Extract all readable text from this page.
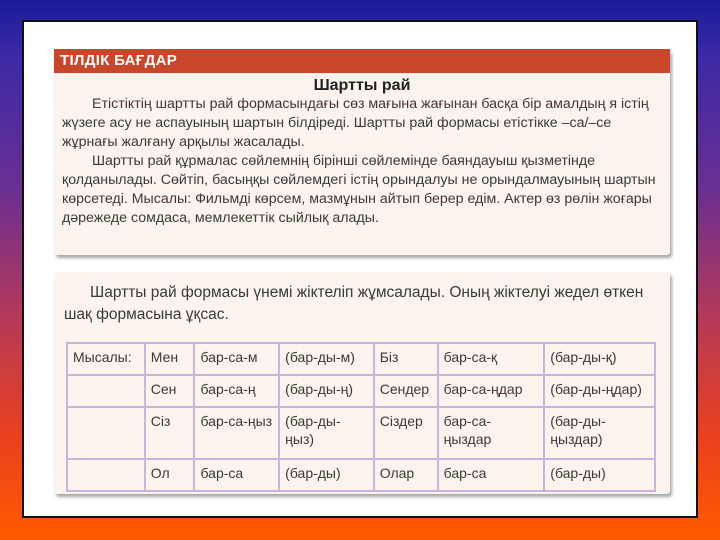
ТІЛДІК БАҒДАР
Шартты рай

Етістіктің шартты рай формасындағы сөз мағына жағынан басқа бір амалдың я істің жүзеге асу не аспауының шартын білдіреді. Шартты рай формасы етістікке –са/–се жұрнағы жалғану арқылы жасалады.

Шартты рай құрмалас сөйлемнің бірінші сөйлемінде баяндауыш қызметінде қолданылады. Сөйтіп, басыңқы сөйлемдегі істің орындалуы не орындалмауының шартын көрсетеді. Мысалы: Фильмді көрсем, мазмұнын айтып берер едім. Актер өз рөлін жоғары дәрежеде сомдаса, мемлекеттік сыйлық алады.

Шартты рай формасы үнемі жіктеліп жұмсалады. Оның жіктелуі жедел өткен шақ формасына ұқсас.

Мысалы:	Мен	бар-са-м	(бар-ды-м)	Біз	бар-са-қ	(бар-ды-қ)
	Сен	бар-са-ң	(бар-ды-ң)	Сендер	бар-са-ңдар	(бар-ды-ңдар)
	Сіз	бар-са-ңыз	(бар-ды-ңыз)	Сіздер	бар-са-ңыздар	(бар-ды-ңыздар)
	Ол	бар-са	(бар-ды)	Олар	бар-са	(бар-ды)
